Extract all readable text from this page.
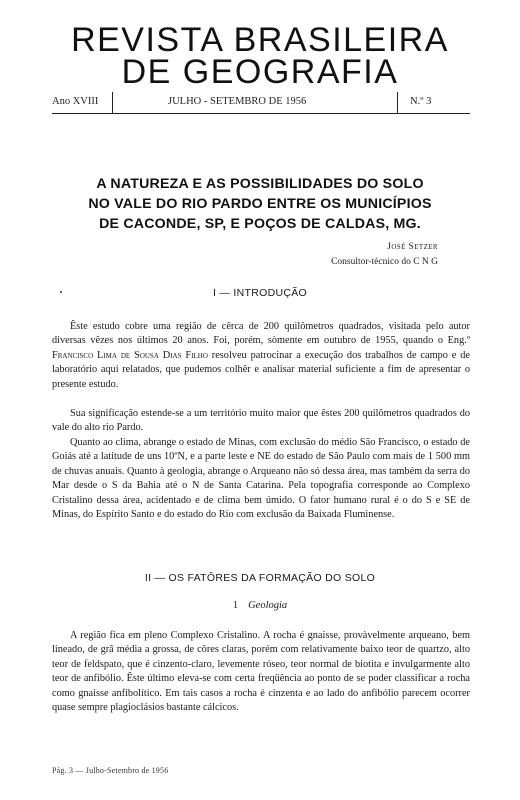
REVISTA BRASILEIRA
DE GEOGRAFIA
Ano XVIII	JULHO - SETEMBRO DE 1956	N.º 3
A NATUREZA E AS POSSIBILIDADES DO SOLO
NO VALE DO RIO PARDO ENTRE OS MUNICÍPIOS
DE CACONDE, SP, E POÇOS DE CALDAS, MG.
José Setzer
Consultor-técnico do C N G
I — INTRODUÇÃO

Êste estudo cobre uma região de cêrca de 200 quilômetros quadrados, visitada pelo autor diversas vêzes nos últimos 20 anos. Foi, porém, sòmente em outubro de 1955, quando o Eng.º Francisco Lima de Sousa Dias Filho resolveu patrocinar a execução dos trabalhos de campo e de laboratório aqui relatados, que pudemos colhêr e analisar material suficiente a fim de apresentar o presente estudo.

Sua significação estende-se a um território muito maior que êstes 200 quilômetros quadrados do vale do alto rio Pardo.

Quanto ao clima, abrange o estado de Minas, com exclusão do médio São Francisco, o estado de Goiás até a latitude de uns 10ºN, e a parte leste e NE do estado de São Paulo com mais de 1 500 mm de chuvas anuais. Quanto à geologia, abrange o Arqueano não só dessa área, mas também da serra do Mar desde o S da Bahia até o N de Santa Catarina. Pela topografia corresponde ao Complexo Cristalino dessa área, acidentado e de clima bem úmido. O fator humano rural é o do S e SE de Minas, do Espírito Santo e do estado do Rio com exclusão da Baixada Fluminense.

II — OS FATÔRES DA FORMAÇÃO DO SOLO
1 Geologia

A região fica em pleno Complexo Cristalino. A rocha é gnaisse, provàvelmente arqueano, bem lineado, de grã média a grossa, de côres claras, porém com relativamente baixo teor de quartzo, alto teor de feldspato, que é cinzento-claro, levemente róseo, teor normal de biotita e invulgarmente alto teor de anfibólio. Êste último eleva-se com certa freqüência ao ponto de se poder classificar a rocha como gnaisse anfibolítico. Em tais casos a rocha é cinzenta e ao lado do anfibólio parecem ocorrer quase sempre plagioclásios bastante cálcicos.

Pág. 3 — Julho-Setembro de 1956
